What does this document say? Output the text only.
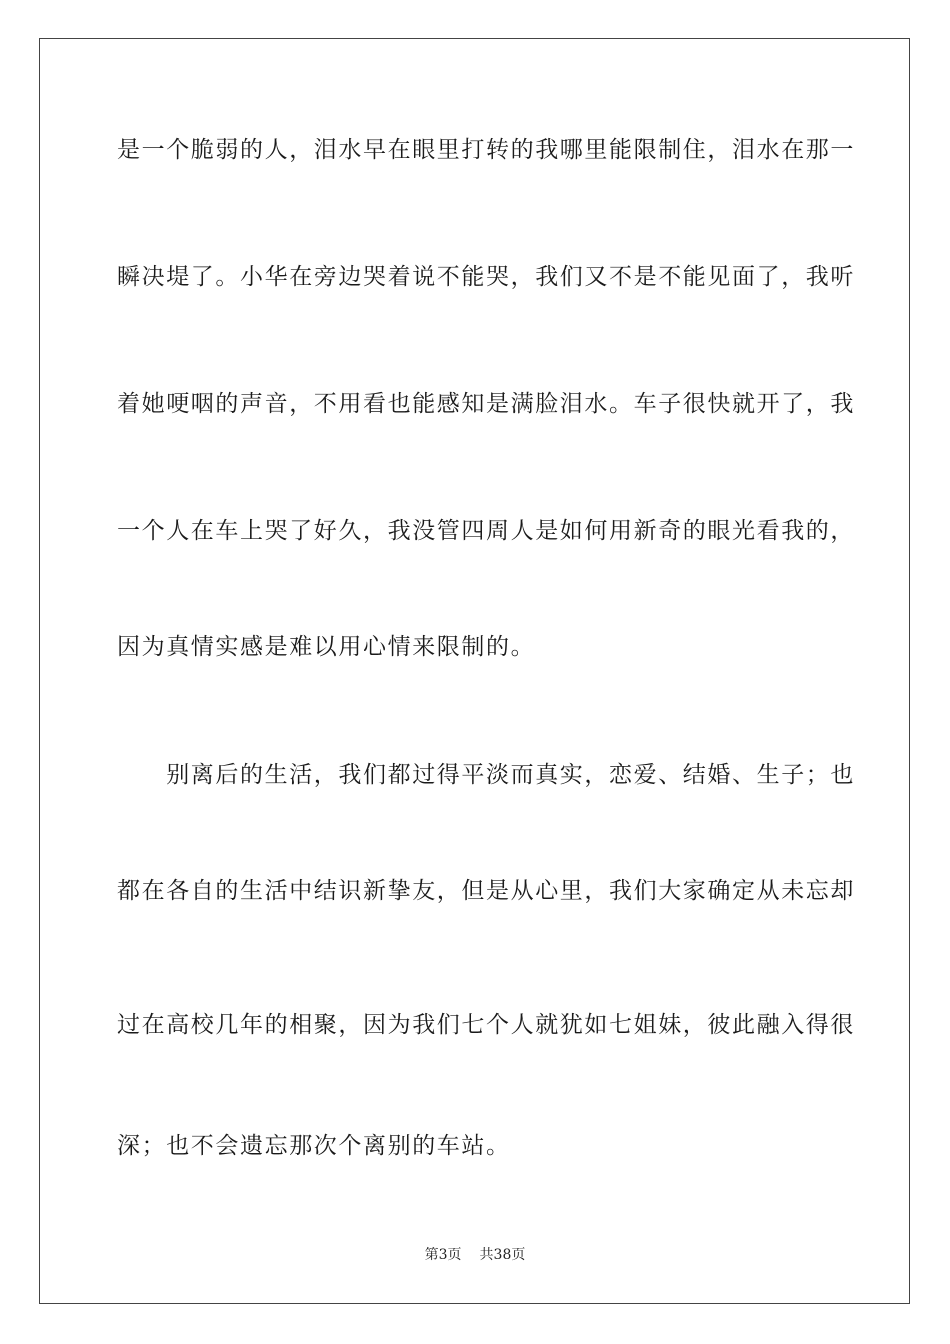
是一个脆弱的人，泪水早在眼里打转的我哪里能限制住，泪水在那一
瞬决堤了。小华在旁边哭着说不能哭，我们又不是不能见面了，我听
着她哽咽的声音，不用看也能感知是满脸泪水。车子很快就开了，我
一个人在车上哭了好久，我没管四周人是如何用新奇的眼光看我的，
因为真情实感是难以用心情来限制的。
　　别离后的生活，我们都过得平淡而真实，恋爱、结婚、生子；也
都在各自的生活中结识新挚友，但是从心里，我们大家确定从未忘却
过在高校几年的相聚，因为我们七个人就犹如七姐妹，彼此融入得很
深；也不会遗忘那次个离别的车站。
第3页 共38页
